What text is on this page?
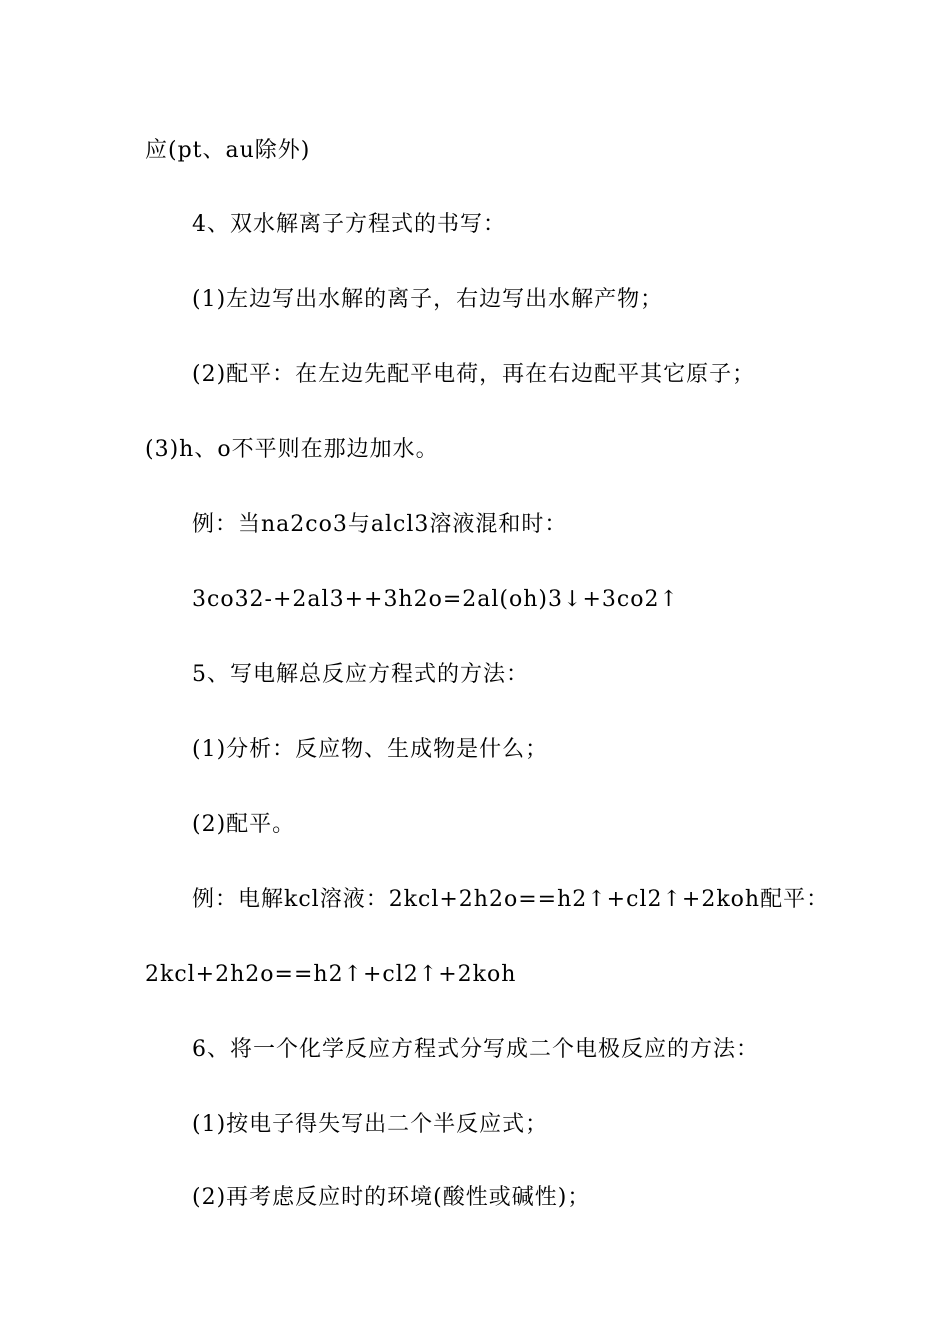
应(pt、au除外)

4、双水解离子方程式的书写：

(1)左边写出水解的离子，右边写出水解产物；

(2)配平：在左边先配平电荷，再在右边配平其它原子；

(3)h、o不平则在那边加水。

例：当na2co3与alcl3溶液混和时：

3co32-+2al3++3h2o=2al(oh)3↓+3co2↑

5、写电解总反应方程式的方法：

(1)分析：反应物、生成物是什么；

(2)配平。

例：电解kcl溶液：2kcl+2h2o==h2↑+cl2↑+2koh配平：

2kcl+2h2o==h2↑+cl2↑+2koh

6、将一个化学反应方程式分写成二个电极反应的方法：

(1)按电子得失写出二个半反应式；

(2)再考虑反应时的环境(酸性或碱性)；
